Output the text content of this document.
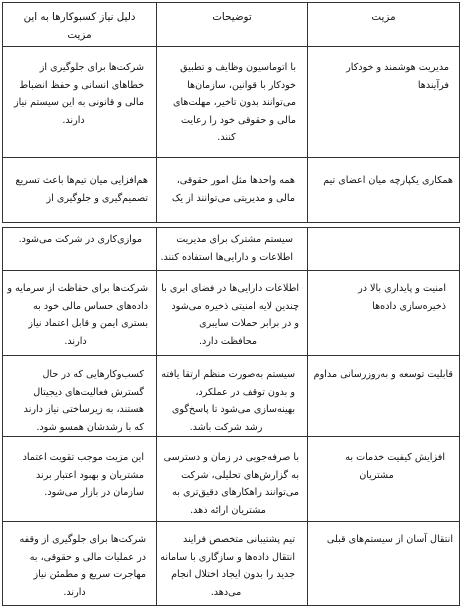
مزیت
توضیحات
دلیل نیاز کسبوکارها به این
مزیت
مدیریت هوشمند و خودکار
فرآیندها
با اتوماسیون وظایف و تطبیق
خودکار با قوانین، سازمان‌ها
می‌توانند بدون تاخیر، مهلت‌های
مالی و حقوقی خود را رعایت
کنند.
شرکت‌ها برای جلوگیری از
خطاهای انسانی و حفظ انضباط
مالی و قانونی به این سیستم نیاز
دارند.
همکاری یکپارچه میان اعضای تیم
همه واحدها مثل امور حقوقی،
مالی و مدیریتی می‌توانند از یک
هم‌افزایی میان تیم‌ها باعث تسریع
تصمیم‌گیری و جلوگیری از
سیستم مشترک برای مدیریت
اطلاعات و دارایی‌ها استفاده کنند.
موازی‌کاری در شرکت می‌شود.
امنیت و پایداری بالا در
ذخیره‌سازی داده‌ها
اطلاعات دارایی‌ها در فضای ابری با
چندین لایه امنیتی ذخیره می‌شود
و در برابر حملات سایبری
محافظت دارد.
شرکت‌ها برای حفاظت از سرمایه و
داده‌های حساس مالی خود به
بستری ایمن و قابل اعتماد نیاز
دارند.
قابلیت توسعه و به‌روزرسانی مداوم
سیستم به‌صورت منظم ارتقا یافته
و بدون توقف در عملکرد،
بهینه‌سازی می‌شود تا پاسخ‌گوی
رشد شرکت باشد.
کسب‌وکارهایی که در حال
گسترش فعالیت‌های دیجیتال
هستند، به زیرساختی نیاز دارند
که با رشدشان همسو شود.
افزایش کیفیت خدمات به
مشتریان
با صرفه‌جویی در زمان و دسترسی
به گزارش‌های تحلیلی، شرکت
می‌توانند راهکارهای دقیق‌تری به
مشتریان ارائه دهد.
این مزیت موجب تقویت اعتماد
مشتریان و بهبود اعتبار برند
سازمان در بازار می‌شود.
انتقال آسان از سیستم‌های قبلی
تیم پشتیبانی متخصص فرایند
انتقال داده‌ها و سازگاری با سامانه
جدید را بدون ایجاد اختلال انجام
می‌دهد.
شرکت‌ها برای جلوگیری از وقفه
در عملیات مالی و حقوقی، به
مهاجرت سریع و مطمئن نیاز
دارند.
